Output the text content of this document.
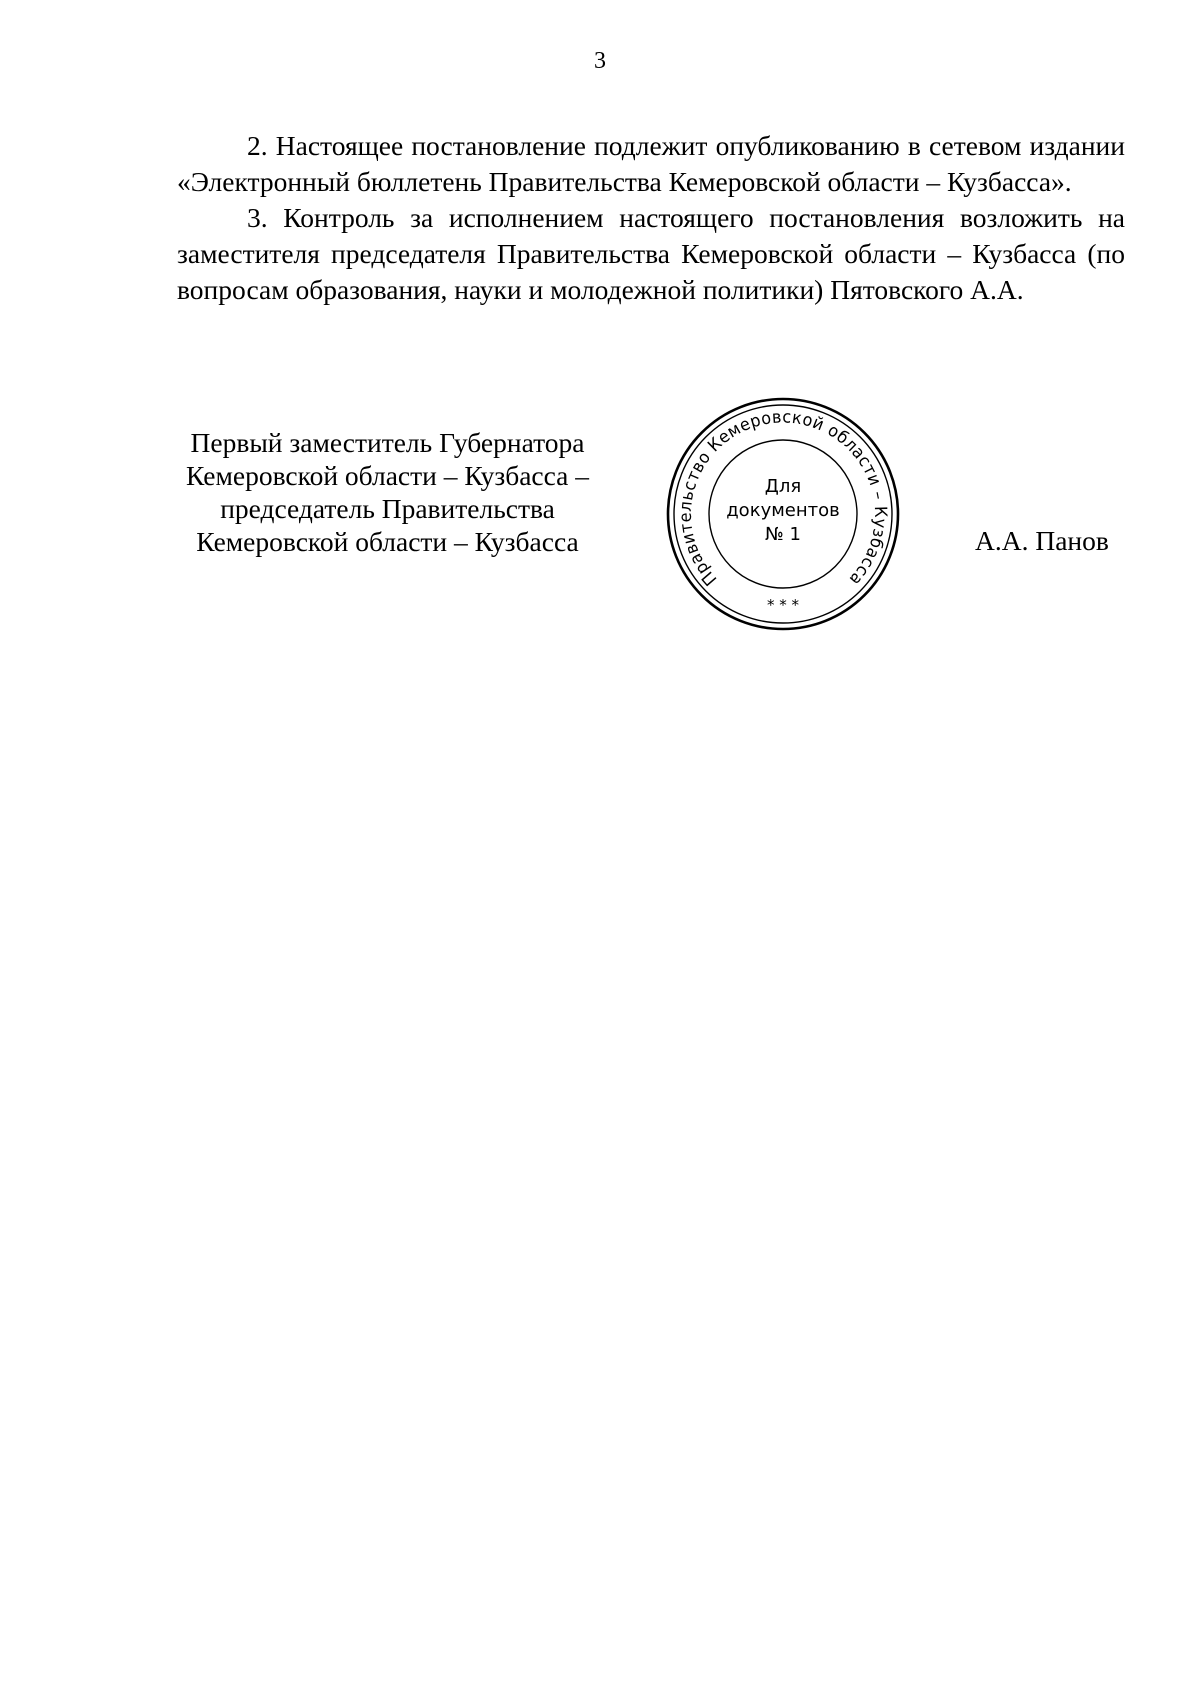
3

2. Настоящее постановление подлежит опубликованию в сетевом издании «Электронный бюллетень Правительства Кемеровской области – Кузбасса».

3. Контроль за исполнением настоящего постановления возложить на заместителя председателя Правительства Кемеровской области – Кузбасса (по вопросам образования, науки и молодежной политики) Пятовского А.А.

Первый заместитель Губернатора
Кемеровской области – Кузбасса –
председатель Правительства
Кемеровской области – Кузбасса	А.А. Панов
Правительство Кемеровской области – Кузбасса
Для
документов
№ 1
* * *
